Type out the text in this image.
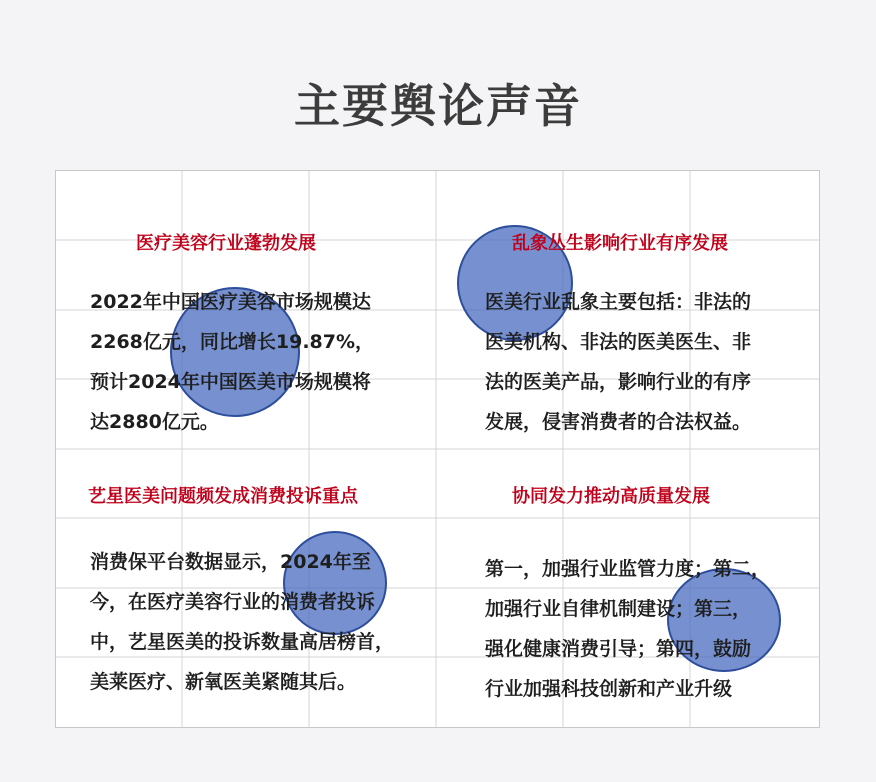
主要舆论声音
医疗美容行业蓬勃发展
2022年中国医疗美容市场规模达
2268亿元，同比增长19.87%，
预计2024年中国医美市场规模将
达2880亿元。
乱象丛生影响行业有序发展
医美行业乱象主要包括：非法的
医美机构、非法的医美医生、非
法的医美产品，影响行业的有序
发展，侵害消费者的合法权益。
艺星医美问题频发成消费投诉重点
消费保平台数据显示，2024年至
今，在医疗美容行业的消费者投诉
中，艺星医美的投诉数量高居榜首，
美莱医疗、新氧医美紧随其后。
协同发力推动高质量发展
第一，加强行业监管力度；第二，
加强行业自律机制建设；第三，
强化健康消费引导；第四，鼓励
行业加强科技创新和产业升级
